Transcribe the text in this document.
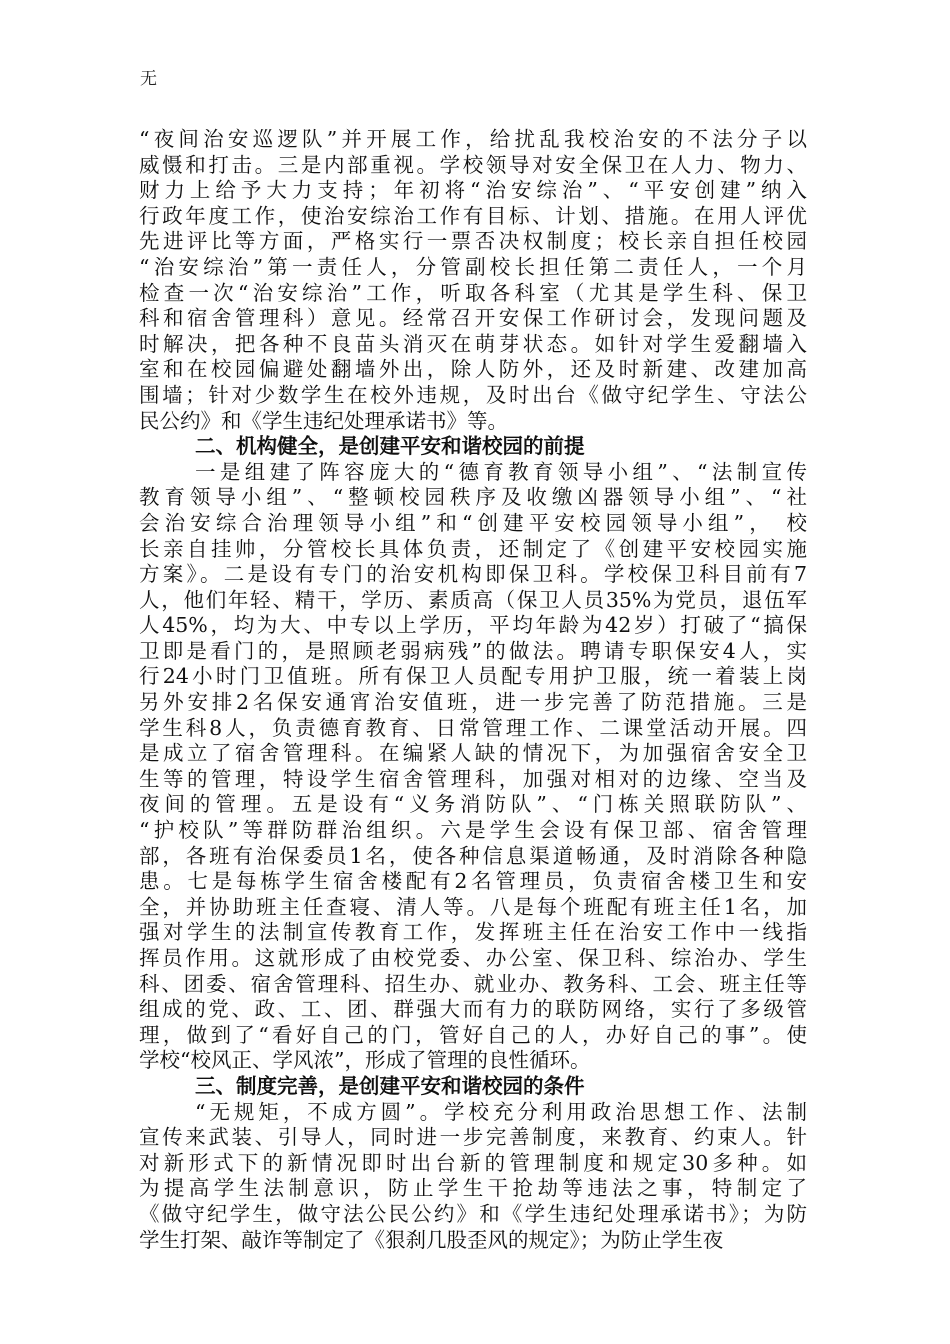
无
“夜间治安巡逻队”并开展工作，给扰乱我校治安的不法分子以
威慑和打击。三是内部重视。学校领导对安全保卫在人力、物力、
财力上给予大力支持；年初将“治安综治”、“平安创建”纳入
行政年度工作，使治安综治工作有目标、计划、措施。在用人评优
先进评比等方面，严格实行一票否决权制度；校长亲自担任校园
“治安综治”第一责任人，分管副校长担任第二责任人，一个月
检查一次“治安综治”工作，听取各科室（尤其是学生科、保卫
科和宿舍管理科）意见。经常召开安保工作研讨会，发现问题及
时解决，把各种不良苗头消灭在萌芽状态。如针对学生爱翻墙入
室和在校园偏避处翻墙外出，除人防外，还及时新建、改建加高
围墙；针对少数学生在校外违规，及时出台《做守纪学生、守法公
民公约》和《学生违纪处理承诺书》等。
二、机构健全，是创建平安和谐校园的前提
一是组建了阵容庞大的“德育教育领导小组”、“法制宣传
教育领导小组”、“整顿校园秩序及收缴凶器领导小组”、“社
会治安综合治理领导小组”和“创建平安校园领导小组”， 校
长亲自挂帅，分管校长具体负责，还制定了《创建平安校园实施
方案》。二是设有专门的治安机构即保卫科。学校保卫科目前有7
人，他们年轻、精干，学历、素质高（保卫人员35%为党员，退伍军
人45%，均为大、中专以上学历，平均年龄为42岁）打破了“搞保
卫即是看门的，是照顾老弱病残”的做法。聘请专职保安4人，实
行24小时门卫值班。所有保卫人员配专用护卫服，统一着装上岗
另外安排2名保安通宵治安值班，进一步完善了防范措施。三是
学生科8人，负责德育教育、日常管理工作、二课堂活动开展。四
是成立了宿舍管理科。在编紧人缺的情况下，为加强宿舍安全卫
生等的管理，特设学生宿舍管理科，加强对相对的边缘、空当及
夜间的管理。五是设有“义务消防队”、“门栋关照联防队”、
“护校队”等群防群治组织。六是学生会设有保卫部、宿舍管理
部，各班有治保委员1名，使各种信息渠道畅通，及时消除各种隐
患。七是每栋学生宿舍楼配有2名管理员，负责宿舍楼卫生和安
全，并协助班主任查寝、清人等。八是每个班配有班主任1名，加
强对学生的法制宣传教育工作，发挥班主任在治安工作中一线指
挥员作用。这就形成了由校党委、办公室、保卫科、综治办、学生
科、团委、宿舍管理科、招生办、就业办、教务科、工会、班主任等
组成的党、政、工、团、群强大而有力的联防网络，实行了多级管
理，做到了“看好自己的门，管好自己的人，办好自己的事”。使
学校“校风正、学风浓”，形成了管理的良性循环。
三、制度完善，是创建平安和谐校园的条件
“无规矩，不成方圆”。学校充分利用政治思想工作、法制
宣传来武装、引导人，同时进一步完善制度，来教育、约束人。针
对新形式下的新情况即时出台新的管理制度和规定30多种。如
为提高学生法制意识，防止学生干抢劫等违法之事，特制定了
《做守纪学生，做守法公民公约》和《学生违纪处理承诺书》；为防
学生打架、敲诈等制定了《狠刹几股歪风的规定》；为防止学生夜
